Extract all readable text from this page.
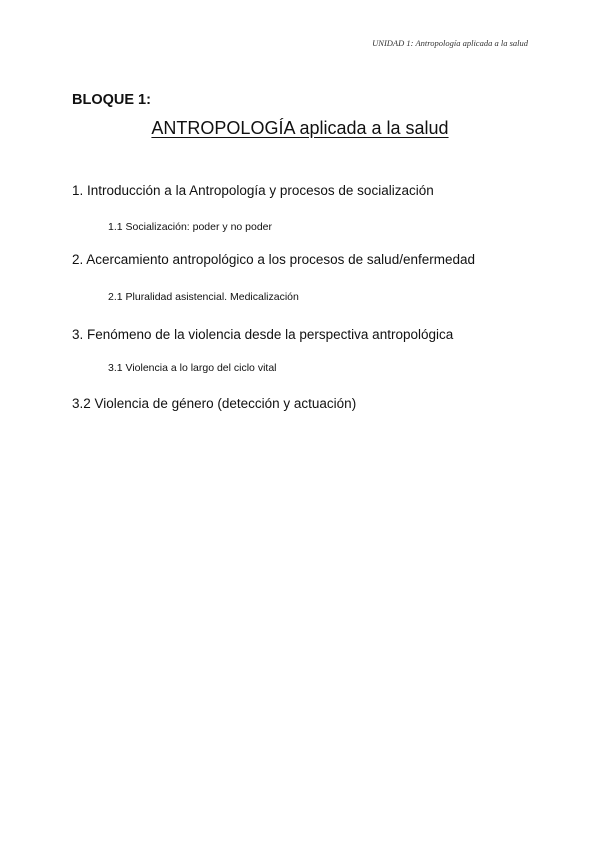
UNIDAD 1: Antropología aplicada a la salud
BLOQUE 1:
ANTROPOLOGÍA aplicada a la salud
1. Introducción a la Antropología y procesos de socialización
1.1 Socialización: poder y no poder
2. Acercamiento antropológico a los procesos de salud/enfermedad
2.1 Pluralidad asistencial. Medicalización
3. Fenómeno de la violencia desde la perspectiva antropológica
3.1 Violencia a lo largo del ciclo vital
3.2 Violencia de género (detección y actuación)
